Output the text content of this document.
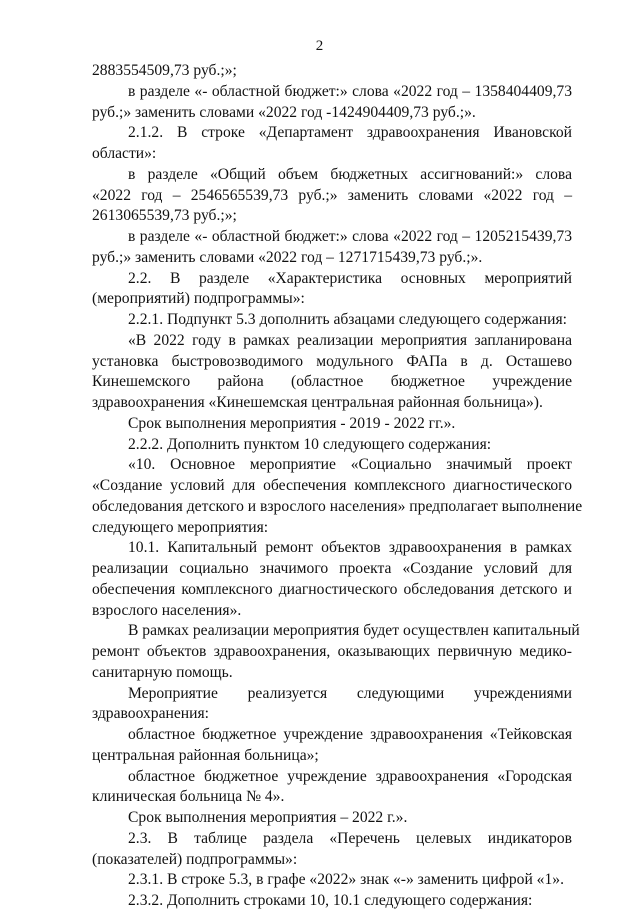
2
2883554509,73 руб.;»;
в разделе «- областной бюджет:» слова «2022 год – 1358404409,73
руб.;» заменить словами «2022 год -1424904409,73 руб.;».
2.1.2. В строке «Департамент здравоохранения Ивановской
области»:
в разделе «Общий объем бюджетных ассигнований:» слова
«2022 год – 2546565539,73 руб.;» заменить словами «2022 год –
2613065539,73 руб.;»;
в разделе «- областной бюджет:» слова «2022 год – 1205215439,73
руб.;» заменить словами «2022 год – 1271715439,73 руб.;».
2.2. В разделе «Характеристика основных мероприятий
(мероприятий) подпрограммы»:
2.2.1. Подпункт 5.3 дополнить абзацами следующего содержания:
«В 2022 году в рамках реализации мероприятия запланирована
установка быстровозводимого модульного ФАПа в д. Осташево
Кинешемского района (областное бюджетное учреждение
здравоохранения «Кинешемская центральная районная больница»).
Срок выполнения мероприятия - 2019 - 2022 гг.».
2.2.2. Дополнить пунктом 10 следующего содержания:
«10. Основное мероприятие «Социально значимый проект
«Создание условий для обеспечения комплексного диагностического
обследования детского и взрослого населения» предполагает выполнение
следующего мероприятия:
10.1. Капитальный ремонт объектов здравоохранения в рамках
реализации социально значимого проекта «Создание условий для
обеспечения комплексного диагностического обследования детского и
взрослого населения».
В рамках реализации мероприятия будет осуществлен капитальный
ремонт объектов здравоохранения, оказывающих первичную медико-
санитарную помощь.
Мероприятие реализуется следующими учреждениями
здравоохранения:
областное бюджетное учреждение здравоохранения «Тейковская
центральная районная больница»;
областное бюджетное учреждение здравоохранения «Городская
клиническая больница № 4».
Срок выполнения мероприятия – 2022 г.».
2.3. В таблице раздела «Перечень целевых индикаторов
(показателей) подпрограммы»:
2.3.1. В строке 5.3, в графе «2022» знак «-» заменить цифрой «1».
2.3.2. Дополнить строками 10, 10.1 следующего содержания:
